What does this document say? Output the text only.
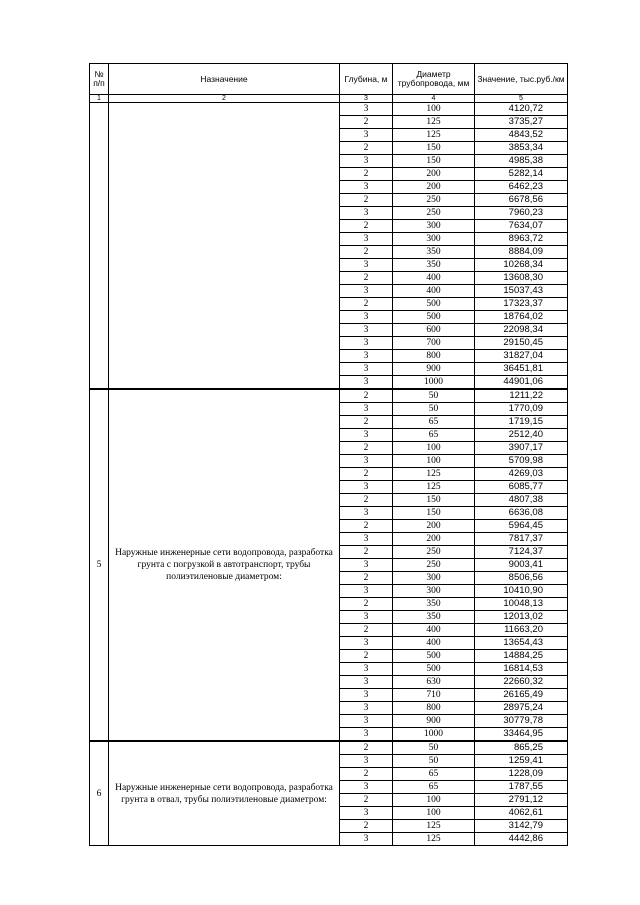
№ п/п	Назначение	Глубина, м	Диаметр трубопровода, мм	Значение, тыс.руб./км
1	2	3	4	5
		3	100	4120,72
		2	125	3735,27
		3	125	4843,52
		2	150	3853,34
		3	150	4985,38
		2	200	5282,14
		3	200	6462,23
		2	250	6678,56
		3	250	7960,23
		2	300	7634,07
		3	300	8963,72
		2	350	8884,09
		3	350	10268,34
		2	400	13608,30
		3	400	15037,43
		2	500	17323,37
		3	500	18764,02
		3	600	22098,34
		3	700	29150,45
		3	800	31827,04
		3	900	36451,81
		3	1000	44901,06
5	Наружные инженерные сети водопровода, разработка грунта с погрузкой в автотранспорт, трубы полиэтиленовые диаметром:	2	50	1211,22
		3	50	1770,09
		2	65	1719,15
		3	65	2512,40
		2	100	3907,17
		3	100	5709,98
		2	125	4269,03
		3	125	6085,77
		2	150	4807,38
		3	150	6636,08
		2	200	5964,45
		3	200	7817,37
		2	250	7124,37
		3	250	9003,41
		2	300	8506,56
		3	300	10410,90
		2	350	10048,13
		3	350	12013,02
		2	400	11663,20
		3	400	13654,43
		2	500	14884,25
		3	500	16814,53
		3	630	22660,32
		3	710	26165,49
		3	800	28975,24
		3	900	30779,78
		3	1000	33464,95
6	Наружные инженерные сети водопровода, разработка грунта в отвал, трубы полиэтиленовые диаметром:	2	50	865,25
		3	50	1259,41
		2	65	1228,09
		3	65	1787,55
		2	100	2791,12
		3	100	4062,61
		2	125	3142,79
		3	125	4442,86
